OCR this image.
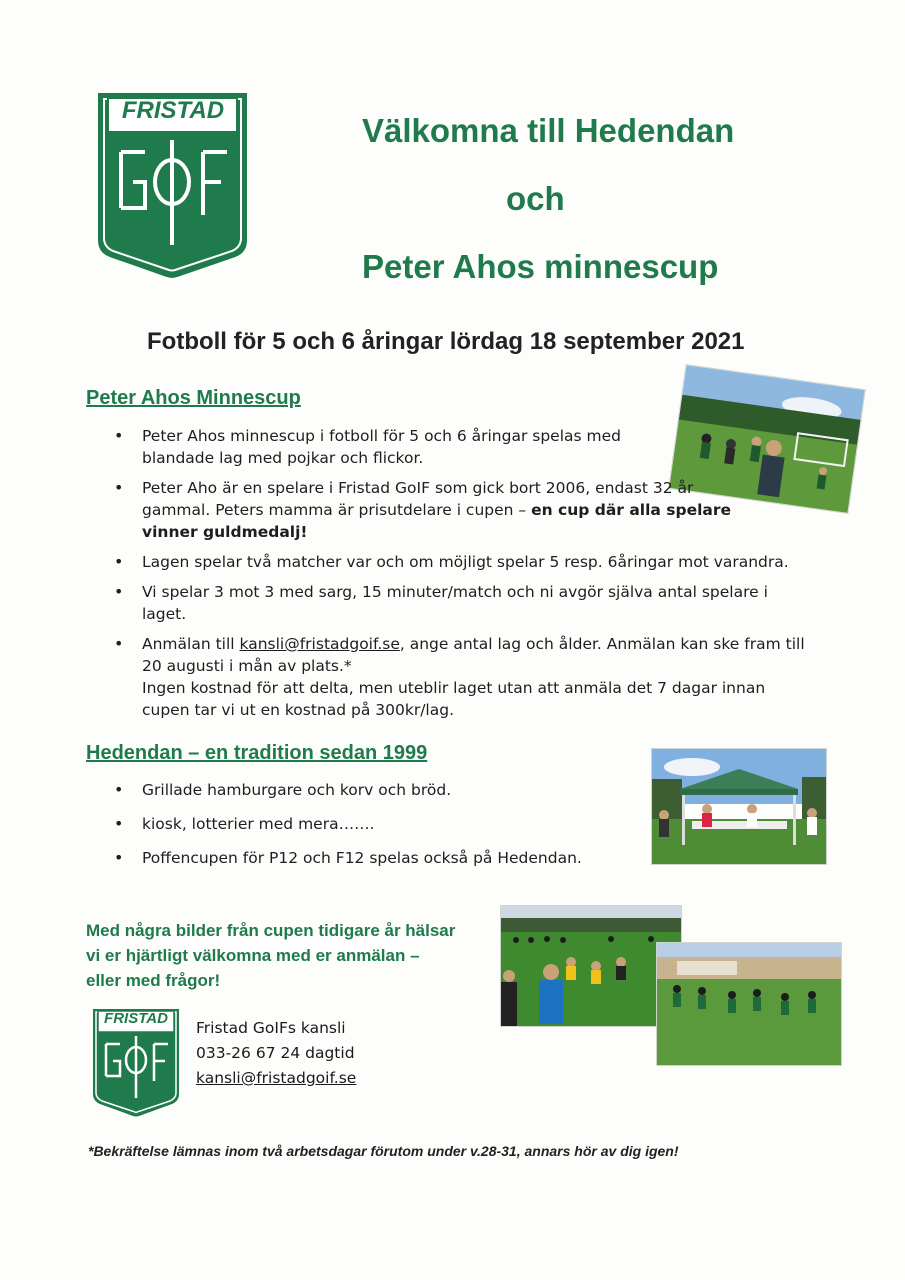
FRISTAD
Välkomna till Hedendan
och
Peter Ahos minnescup
Fotboll för 5 och 6 åringar lördag 18 september 2021
Peter Ahos Minnescup
• Peter Ahos minnescup i fotboll för 5 och 6 åringar spelas med blandade lag med pojkar och flickor.
• Peter Aho är en spelare i Fristad GoIF som gick bort 2006, endast 32 år gammal. Peters mamma är prisutdelare i cupen – en cup där alla spelare vinner guldmedalj!
• Lagen spelar två matcher var och om möjligt spelar 5 resp. 6åringar mot varandra.
• Vi spelar 3 mot 3 med sarg, 15 minuter/match och ni avgör själva antal spelare i laget.
• Anmälan till kansli@fristadgoif.se, ange antal lag och ålder. Anmälan kan ske fram till 20 augusti i mån av plats.*
Ingen kostnad för att delta, men uteblir laget utan att anmäla det 7 dagar innan cupen tar vi ut en kostnad på 300kr/lag.
Hedendan – en tradition sedan 1999
• Grillade hamburgare och korv och bröd.
• kiosk, lotterier med mera…….
• Poffencupen för P12 och F12 spelas också på Hedendan.
Med några bilder från cupen tidigare år hälsar vi er hjärtligt välkomna med er anmälan – eller med frågor!
FRISTAD
Fristad GoIFs kansli
033-26 67 24 dagtid
kansli@fristadgoif.se
*Bekräftelse lämnas inom två arbetsdagar förutom under v.28-31, annars hör av dig igen!
